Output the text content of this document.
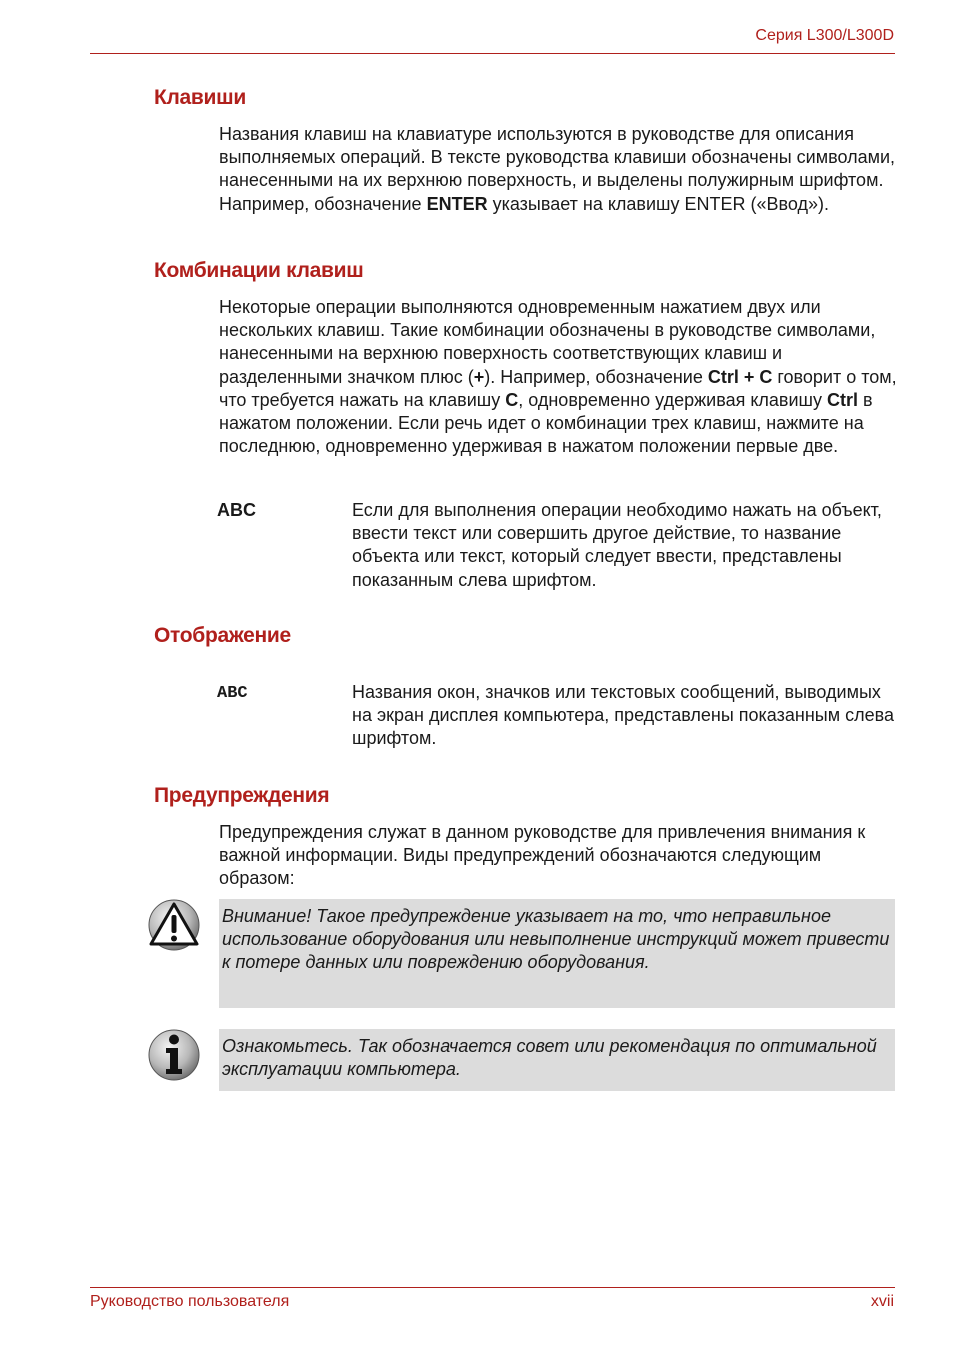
Серия L300/L300D
Клавиши

Названия клавиш на клавиатуре используются в руководстве для описания выполняемых операций. В тексте руководства клавиши обозначены символами, нанесенными на их верхнюю поверхность, и выделены полужирным шрифтом. Например, обозначение ENTER указывает на клавишу ENTER («Ввод»).

Комбинации клавиш

Некоторые операции выполняются одновременным нажатием двух или нескольких клавиш. Такие комбинации обозначены в руководстве символами, нанесенными на верхнюю поверхность соответствующих клавиш и разделенными значком плюс (+). Например, обозначение Ctrl + C говорит о том, что требуется нажать на клавишу C, одновременно удерживая клавишу Ctrl в нажатом положении. Если речь идет о комбинации трех клавиш, нажмите на последнюю, одновременно удерживая в нажатом положении первые две.

ABC	Если для выполнения операции необходимо нажать на объект, ввести текст или совершить другое действие, то название объекта или текст, который следует ввести, представлены показанным слева шрифтом.

Отображение
ABC	Названия окон, значков или текстовых сообщений, выводимых на экран дисплея компьютера, представлены показанным слева шрифтом.

Предупреждения

Предупреждения служат в данном руководстве для привлечения внимания к важной информации. Виды предупреждений обозначаются следующим образом:

Внимание! Такое предупреждение указывает на то, что неправильное использование оборудования или невыполнение инструкций может привести к потере данных или повреждению оборудования.
Ознакомьтесь. Так обозначается совет или рекомендация по оптимальной эксплуатации компьютера.
Руководство пользователя	xvii
